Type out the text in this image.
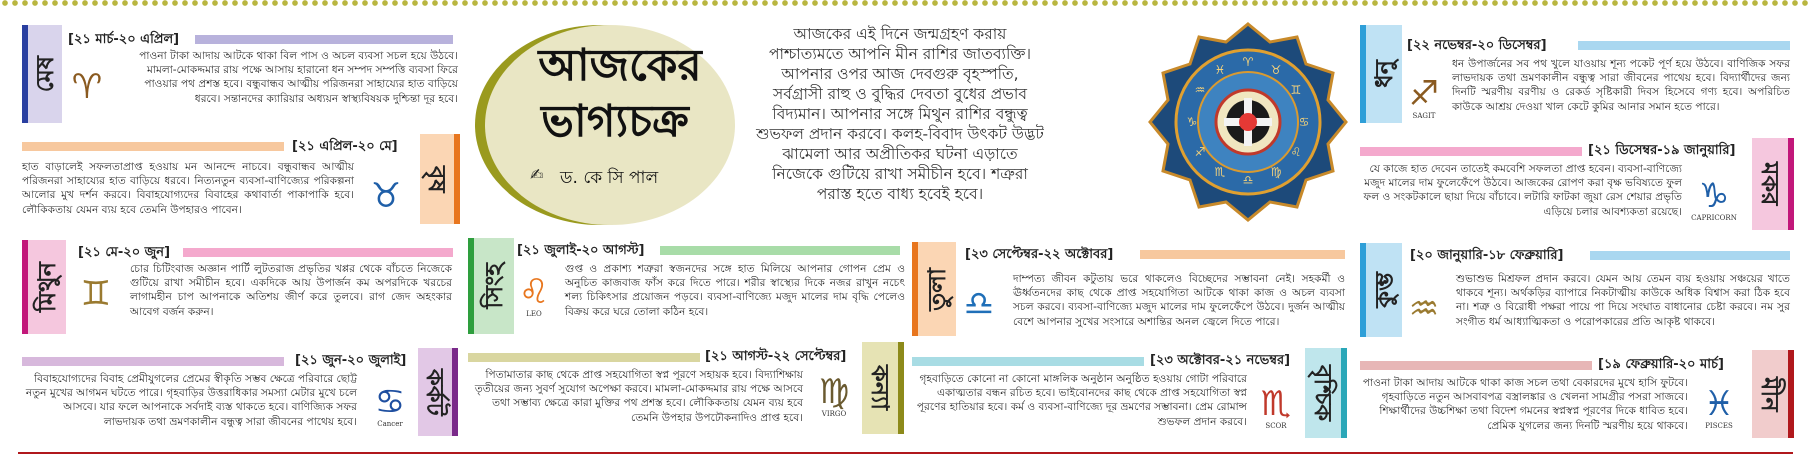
মেষ
[২১ মার্চ-২০ এপ্রিল]
♈
পাওনা টাকা আদায় আটকে থাকা বিল পাস ও অচল ব্যবসা সচল হয়ে উঠবে। মামলা-মোকদ্দমার রায় পক্ষে আসায় হারানো ধন সম্পদ সম্পত্তি ব্যবসা ফিরে পাওয়ার পথ প্রশস্ত হবে। বন্ধুবান্ধব আত্মীয় পরিজনরা সাহায্যের হাত বাড়িয়ে ধরবে। সন্তানদের ক্যারিয়ার অধ্যয়ন স্বাস্থ্যবিষয়ক দুশ্চিন্তা দূর হবে।
[২১ এপ্রিল-২০ মে]
বৃষ
হাত বাড়ালেই সফলতাপ্রাপ্ত হওয়ায় মন আনন্দে নাচবে। বন্ধুবান্ধব আত্মীয় পরিজনরা সাহায্যের হাত বাড়িয়ে ধরবে। নিত্যনতুন ব্যবসা-বাণিজ্যের পরিকল্পনা আলোর মুখ দর্শন করবে। বিবাহযোগ্যদের বিবাহের কথাবার্তা পাকাপাকি হবে। লৌকিকতায় যেমন ব্যয় হবে তেমনি উপহারও পাবেন।	♉
মিথুন
[২১ মে-২০ জুন]
♊
চোর চিটিংবাজ অজ্ঞান পার্টি লুটতরাজ প্রভৃতির খপ্পর থেকে বাঁচতে নিজেকে গুটিয়ে রাখা সমীচীন হবে। একদিকে আয় উপার্জন কম অপরদিকে খরচের লাগামহীন চাপ আপনাকে অতিশয় জীর্ণ করে তুলবে। রাগ জেদ অহংকার আবেগ বর্জন করুন।
[২১ জুন-২০ জুলাই]
কর্কট
বিবাহযোগ্যদের বিবাহ প্রেমীযুগলের প্রেমের স্বীকৃতি সম্ভব ক্ষেত্রে পরিবারে ছোট্ট নতুন মুখের আগমন ঘটতে পারে। গৃহবাড়ির উত্তরাধিকার সমস্যা মেটার মুখে চলে আসবে। যার ফলে আপনাকে সর্বদাই ব্যস্ত থাকতে হবে। বাণিজ্যিক সফর লাভদায়ক তথা ভ্রমণকালীন বন্ধুত্ব সারা জীবনের পাথেয় হবে। ♋
Cancer
আজকের
ভাগ্যচক্র
✍ ড. কে সি পাল
আজকের এই দিনে জন্মগ্রহণ করায় পাশ্চাত্যমতে আপনি মীন রাশির জাতব্যক্তি। আপনার ওপর আজ দেবগুরু বৃহস্পতি, সর্বগ্রাসী রাহু ও বুদ্ধির দেবতা বুধের প্রভাব বিদ্যমান। আপনার সঙ্গে মিথুন রাশির বন্ধুত্ব শুভফল প্রদান করবে। কলহ-বিবাদ উৎকট উদ্ভট ঝামেলা আর অপ্রীতিকর ঘটনা এড়াতে নিজেকে গুটিয়ে রাখা সমীচীন হবে। শত্রুরা পরাস্ত হতে বাধ্য হবেই হবে।
♈
♉
♊
♋
♌
♍
♎
♏
♐
♑
♒
♓
সিংহ
[২১ জুলাই-২০ আগস্ট]
♌
LEO
গুপ্ত ও প্রকাশ্য শত্রুরা স্বজনদের সঙ্গে হাত মিলিয়ে আপনার গোপন প্রেম ও অনুচিত কাজবাজ ফাঁস করে দিতে পারে। শরীর স্বাস্থ্যের দিকে নজর রাখুন নচেৎ শল্য চিকিৎসার প্রয়োজন পড়বে। ব্যবসা-বাণিজ্যে মজুদ মালের দাম বৃদ্ধি পেলেও বিক্রয় করে ঘরে তোলা কঠিন হবে।
[২১ আগস্ট-২২ সেপ্টেম্বর]
কন্যা
পিতামাতার কাছ থেকে প্রাপ্ত সহযোগিতা স্বপ্ন পূরণে সহায়ক হবে। বিদ্যাশিক্ষায় তৃতীয়ের জন্য সুবর্ণ সুযোগ অপেক্ষা করবে। মামলা-মোকদ্দমার রায় পক্ষে আসবে তথা সম্ভাব্য ক্ষেত্রে কারা মুক্তির পথ প্রশস্ত হবে। লৌকিকতায় যেমন ব্যয় হবে তেমনি উপহার উপঢৌকনাদিও প্রাপ্ত হবে।
♍
VIRGO
তুলা
[২৩ সেপ্টেম্বর-২২ অক্টোবর]
♎
দাম্পত্য জীবন কটুতায় ভরে থাকলেও বিচ্ছেদের সম্ভাবনা নেই। সহকর্মী ও ঊর্ধ্বতনদের কাছ থেকে প্রাপ্ত সহযোগিতা আটকে থাকা কাজ ও অচল ব্যবসা সচল করবে। ব্যবসা-বাণিজ্যে মজুদ মালের দাম ফুলেফেঁপে উঠবে। দুর্জন আত্মীয় বেশে আপনার সুখের সংসারে অশান্তির অনল জ্বেলে দিতে পারে।
[২৩ অক্টোবর-২১ নভেম্বর]
বৃশ্চিক
গৃহবাড়িতে কোনো না কোনো মাঙ্গলিক অনুষ্ঠান অনুষ্ঠিত হওয়ায় গোটা পরিবারে একাত্মতার বন্ধন রচিত হবে। ভাইবোনদের কাছ থেকে প্রাপ্ত সহযোগিতা স্বপ্ন পূরণের হাতিয়ার হবে। কর্ম ও ব্যবসা-বাণিজ্যে দূর ভ্রমণের সম্ভাবনা। প্রেম রোমান্স শুভফল প্রদান করবে। ♏
SCOR
ধনু
[২২ নভেম্বর-২০ ডিসেম্বর]
♐
SAGIT
ধন উপার্জনের সব পথ খুলে যাওয়ায় শূন্য পকেট পূর্ণ হয়ে উঠবে। বাণিজিক সফর লাভদায়ক তথা ভ্রমণকালীন বন্ধুত্ব সারা জীবনের পাথেয় হবে। বিদ্যার্থীদের জন্য দিনটি স্মরণীয় বরণীয় ও রেকর্ড সৃষ্টিকারী দিবস হিসেবে গণ্য হবে। অপরিচিত কাউকে আশ্রয় দেওয়া খাল কেটে কুমির আনার সমান হতে পারে।
[২১ ডিসেম্বর-১৯ জানুয়ারি]
মকর
যে কাজে হাত দেবেন তাতেই কমবেশি সফলতা প্রাপ্ত হবেন। ব্যবসা-বাণিজ্যে মজুদ মালের দাম ফুলেফেঁপে উঠবে। আজকের রোপণ করা বৃক্ষ ভবিষ্যতে ফুল ফল ও সংকটকালে ছায়া দিয়ে বাঁচাবে। লটারি ফাটকা জুয়া রেস শেয়ার প্রভৃতি এড়িয়ে চলার আবশ্যকতা রয়েছে। ♑
CAPRICORN
কুম্ভ
[২০ জানুয়ারি-১৮ ফেব্রুয়ারি]
♒
শুভাশুভ মিশ্রফল প্রদান করবে। যেমন আয় তেমন ব্যয় হওয়ায় সঞ্চয়ের খাতে থাকবে শূন্য। অর্থকড়ির ব্যাপারে নিকটাত্মীয় কাউকে অধিক বিশ্বাস করা ঠিক হবে না। শত্রু ও বিরোধী পক্ষরা পায়ে পা দিয়ে সংঘাত বাধানোর চেষ্টা করবে। নম সুর সংগীত ধর্ম আধ্যাত্মিকতা ও পরোপকারের প্রতি আকৃষ্ট থাকবে।
[১৯ ফেব্রুয়ারি-২০ মার্চ]
মীন
পাওনা টাকা আদায় আটকে থাকা কাজ সচল তথা বেকারদের মুখে হাসি ফুটবে। গৃহবাড়িতে নতুন আসবাবপত্র বস্ত্রালঙ্কার ও খেলনা সামগ্রীর পসরা সাজবে। শিক্ষার্থীদের উচ্চশিক্ষা তথা বিদেশ গমনের স্বপ্নস্বপ্ন পূরণের দিকে ধাবিত হবে। প্রেমিক যুগলের জন্য দিনটি স্মরণীয় হয়ে থাকবে।
♓
PISCES
